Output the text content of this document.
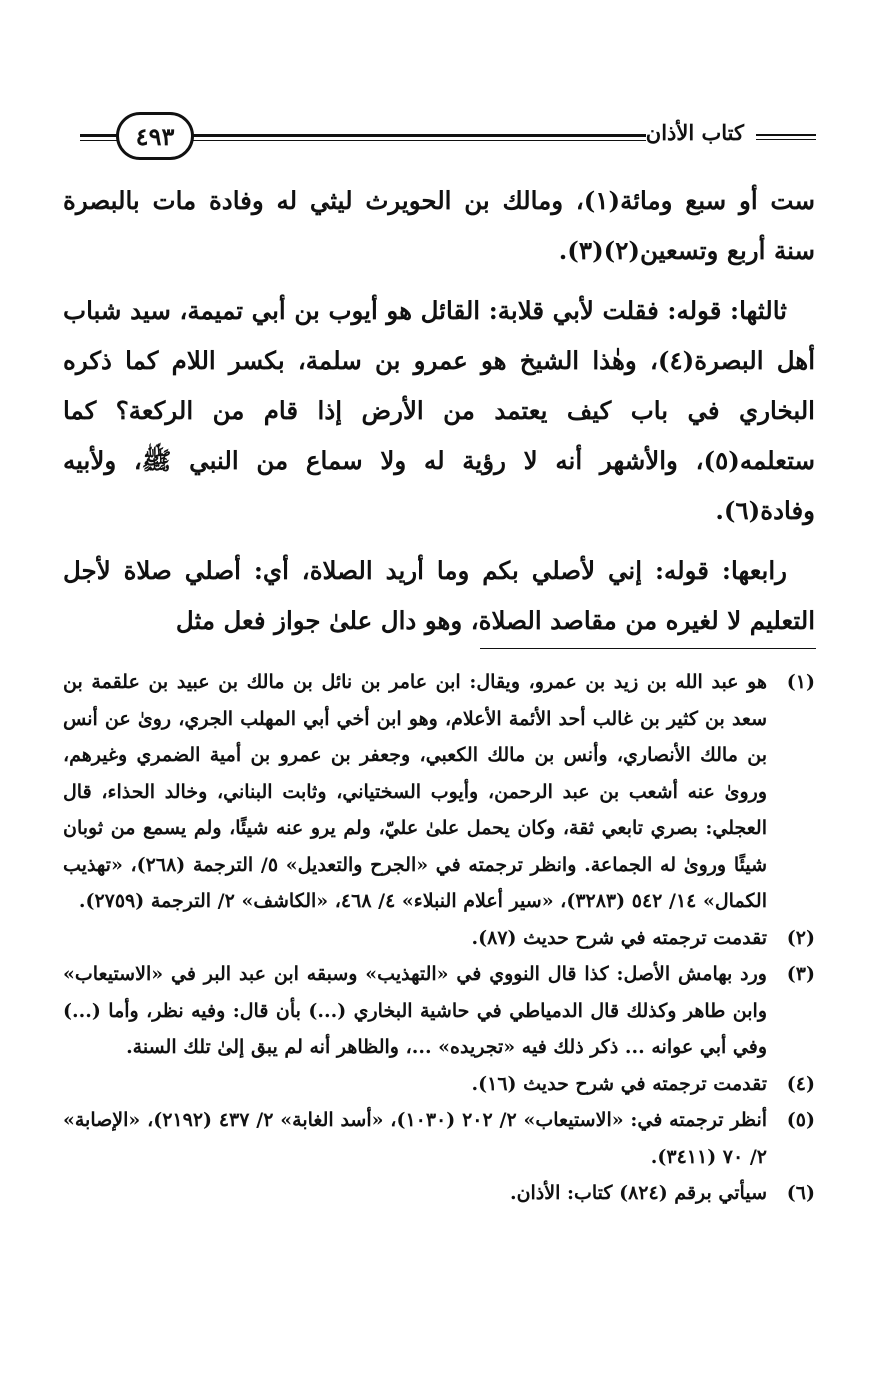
٤٩٣	كتاب الأذان

ست أو سبع ومائة(١)، ومالك بن الحويرث ليثي له وفادة مات بالبصرة سنة أربع وتسعين(٢)(٣).

ثالثها: قوله: فقلت لأبي قلابة: القائل هو أيوب بن أبي تميمة، سيد شباب أهل البصرة(٤)، وهٰذا الشيخ هو عمرو بن سلمة، بكسر اللام كما ذكره البخاري في باب كيف يعتمد من الأرض إذا قام من الركعة؟ كما ستعلمه(٥)، والأشهر أنه لا رؤية له ولا سماع من النبي ﷺ، ولأبيه وفادة(٦).

رابعها: قوله: إني لأصلي بكم وما أريد الصلاة، أي: أصلي صلاة لأجل التعليم لا لغيره من مقاصد الصلاة، وهو دال علىٰ جواز فعل مثل

(١)
هو عبد الله بن زيد بن عمرو، ويقال: ابن عامر بن نائل بن مالك بن عبيد بن علقمة بن سعد بن كثير بن غالب أحد الأئمة الأعلام، وهو ابن أخي أبي المهلب الجري، روىٰ عن أنس بن مالك الأنصاري، وأنس بن مالك الكعبي، وجعفر بن عمرو بن أمية الضمري وغيرهم، وروىٰ عنه أشعب بن عبد الرحمن، وأيوب السختياني، وثابت البناني، وخالد الحذاء، قال العجلي: بصري تابعي ثقة، وكان يحمل علىٰ عليّ، ولم يرو عنه شيئًا، ولم يسمع من ثوبان شيئًا وروىٰ له الجماعة. وانظر ترجمته في «الجرح والتعديل» ٥/ الترجمة (٢٦٨)، «تهذيب الكمال» ١٤/ ٥٤٢ (٣٢٨٣)، «سير أعلام النبلاء» ٤/ ٤٦٨، «الكاشف» ٢/ الترجمة (٢٧٥٩).
(٢)
تقدمت ترجمته في شرح حديث (٨٧).
(٣)
ورد بهامش الأصل: كذا قال النووي في «التهذيب» وسبقه ابن عبد البر في «الاستيعاب» وابن طاهر وكذلك قال الدمياطي في حاشية البخاري (...) بأن قال: وفيه نظر، وأما (...) وفي أبي عوانه ... ذكر ذلك فيه «تجريده» ...، والظاهر أنه لم يبق إلىٰ تلك السنة.
(٤)
تقدمت ترجمته في شرح حديث (١٦).
(٥)
أنظر ترجمته في: «الاستيعاب» ٢/ ٢٠٢ (١٠٣٠)، «أسد الغابة» ٢/ ٤٣٧ (٢١٩٢)، «الإصابة» ٢/ ٧٠ (٣٤١١).
(٦)
سيأتي برقم (٨٢٤) كتاب: الأذان.
